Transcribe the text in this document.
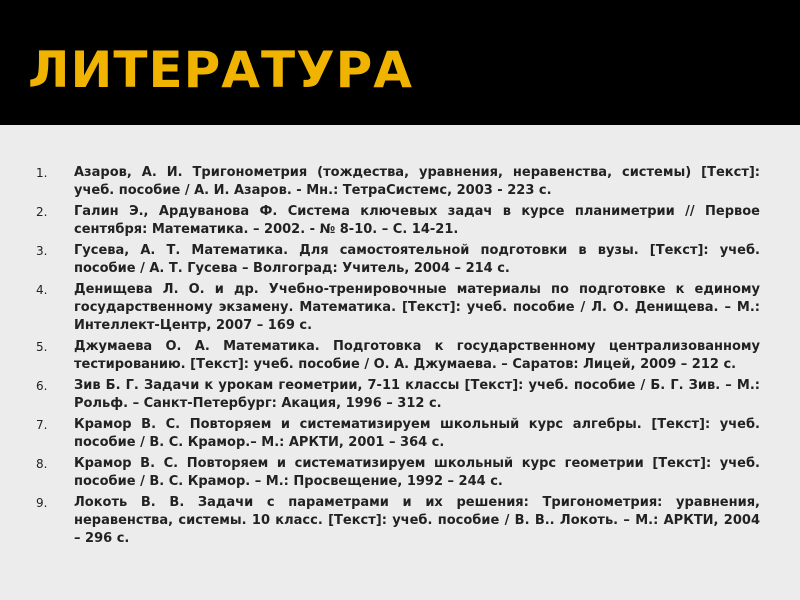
ЛИТЕРАТУРА
1.	Азаров, А. И. Тригонометрия (тождества, уравнения, неравенства, системы) [Текст]: учеб. пособие / А. И. Азаров. - Мн.: ТетраСистемс, 2003 - 223 с.
2.	Галин Э., Ардуванова Ф. Система ключевых задач в курсе планиметрии // Первое сентября: Математика. – 2002. - № 8-10. – С. 14-21.
3.	Гусева, А. Т. Математика. Для самостоятельной подготовки в вузы. [Текст]: учеб. пособие / А. Т. Гусева – Волгоград: Учитель, 2004 – 214 с.
4.	Денищева Л. О. и др. Учебно-тренировочные материалы по подготовке к единому государственному экзамену. Математика. [Текст]: учеб. пособие / Л. О. Денищева. – М.: Интеллект-Центр, 2007 – 169 с.
5.	Джумаева О. А. Математика. Подготовка к государственному централизованному тестированию. [Текст]: учеб. пособие / О. А. Джумаева. – Саратов: Лицей, 2009 – 212 с.
6.	Зив Б. Г. Задачи к урокам геометрии, 7-11 классы [Текст]: учеб. пособие / Б. Г. Зив. – М.: Рольф. – Санкт-Петербург: Акация, 1996 – 312 с.
7.	Крамор В. С. Повторяем и систематизируем школьный курс алгебры. [Текст]: учеб. пособие / В. С. Крамор.– М.: АРКТИ, 2001 – 364 с.
8.	Крамор В. С. Повторяем и систематизируем школьный курс геометрии [Текст]: учеб. пособие / В. С. Крамор. – М.: Просвещение, 1992 – 244 с.
9.	Локоть В. В. Задачи с параметрами и их решения: Тригонометрия: уравнения, неравенства, системы. 10 класс. [Текст]: учеб. пособие / В. В.. Локоть. – М.: АРКТИ, 2004 – 296 с.
